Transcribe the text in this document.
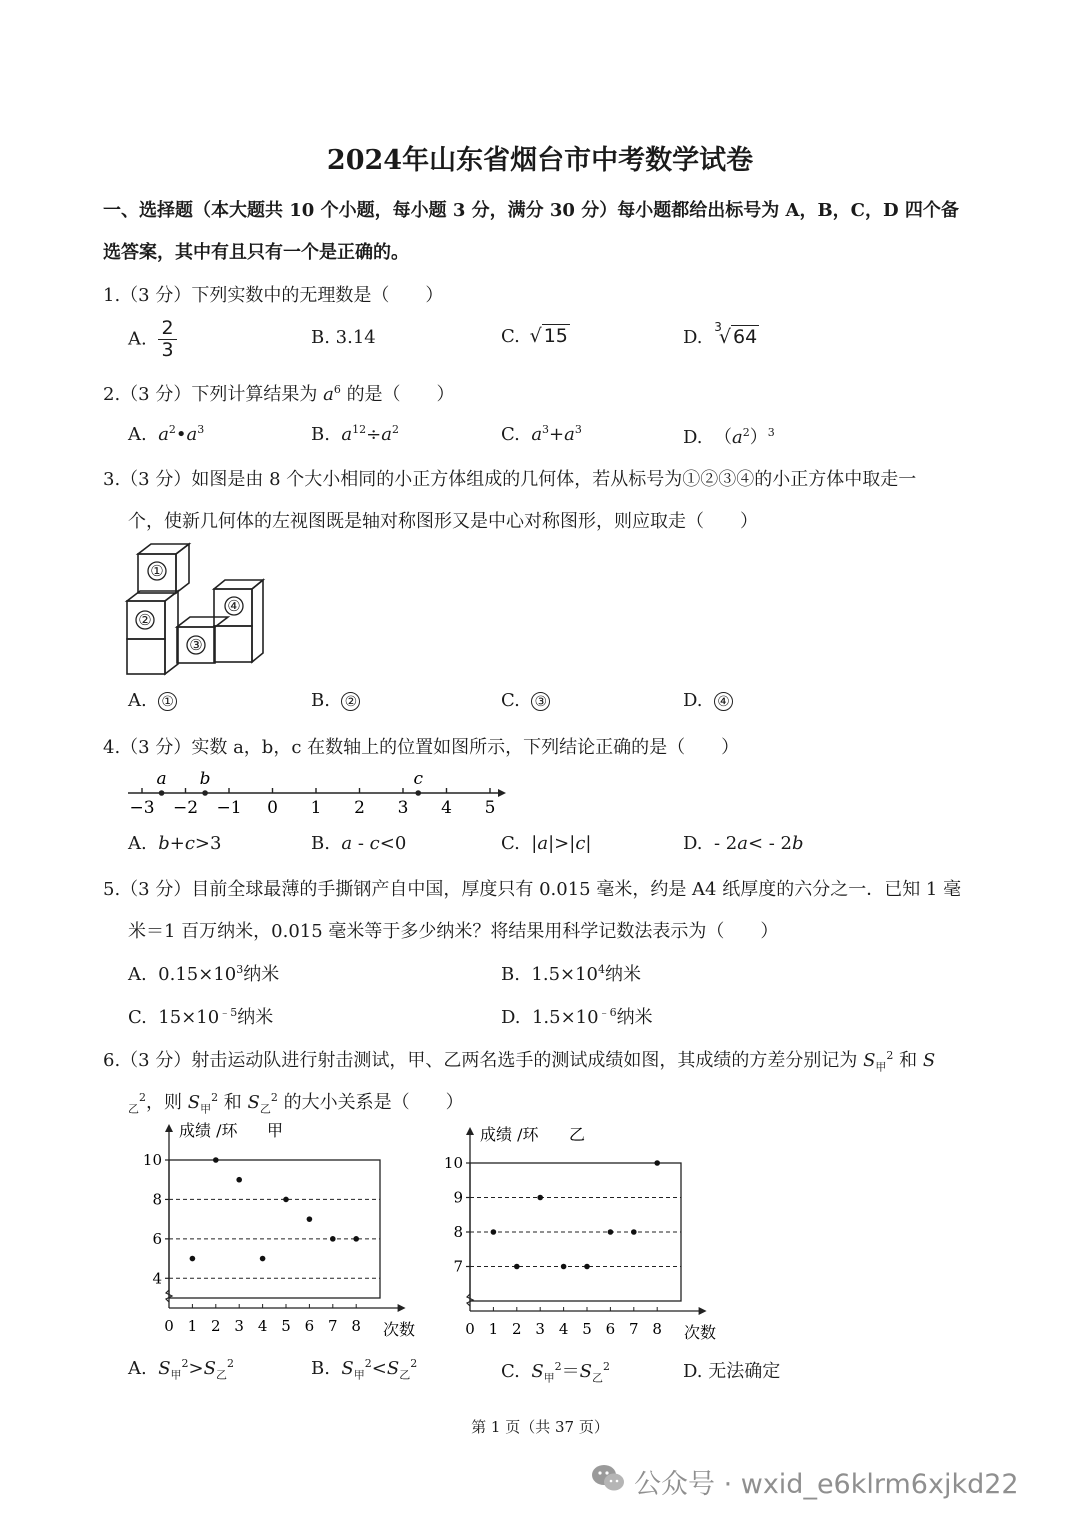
2024年山东省烟台市中考数学试卷
一、选择题（本大题共 10 个小题，每小题 3 分，满分 30 分）每小题都给出标号为 A，B，C，D 四个备
选答案，其中有且只有一个是正确的。
1.（3 分）下列实数中的无理数是（　　）
A. $\frac{2}{3}$	B. 3.14	C. √ 15	D. $^3$√ 64
2.（3 分）下列计算结果为 $a^6$ 的是（　　）
A. $a^2•a^3$	B. $a^{12}\div a^2$	C. $a^3+a^3$	D.  $(a^2)^3$
3.（3 分）如图是由 8 个大小相同的小正方体组成的几何体，若从标号为①②③④的小正方体中取走一
个，使新几何体的左视图既是轴对称图形又是中心对称图形，则应取走（　　）
①
②
③
④
A. ①	B. ②	C. ③	D. ④
4.（3 分）实数 a，b，c 在数轴上的位置如图所示，下列结论正确的是（　　）
−3 −2 −1 0 1 2 3 4 5
a b	c
A. b+c>3	B. a - c<0	C.  |a|>|c|	D.  - 2a< - 2b
5.（3 分）目前全球最薄的手撕钢产自中国，厚度只有 0.015 毫米，约是 A4 纸厚度的六分之一．已知 1 毫
米＝1 百万纳米，0.015 毫米等于多少纳米？将结果用科学记数法表示为（　　）
A.  $0.15\times 10^3$纳米	B.  $1.5\times 10^4$纳米
C.  $15\times 10^{﹣5}$纳米	D.  $1.5\times 10^{﹣6}$纳米
6.（3 分）射击运动队进行射击测试，甲、乙两名选手的测试成绩如图，其成绩的方差分别记为 $S_甲^2$ 和 S
$_乙^2$，则 $S_甲^2$ 和 $S_乙^2$ 的大小关系是（　　）
4
6
8
10
0 1 2 3 4 5 6 7 8
成绩 /环 甲
次数
7
8
9
10
0 1 2 3 4 5 6 7 8
成绩 /环 乙
次数
A. $S_甲^2>S_乙^2$	B. $S_甲^2<S_乙^2$	C. $S_甲^2=S_乙^2$	D. 无法确定
第 1 页（共 37 页）
公众号 · wxid_e6klrm6xjkd22
